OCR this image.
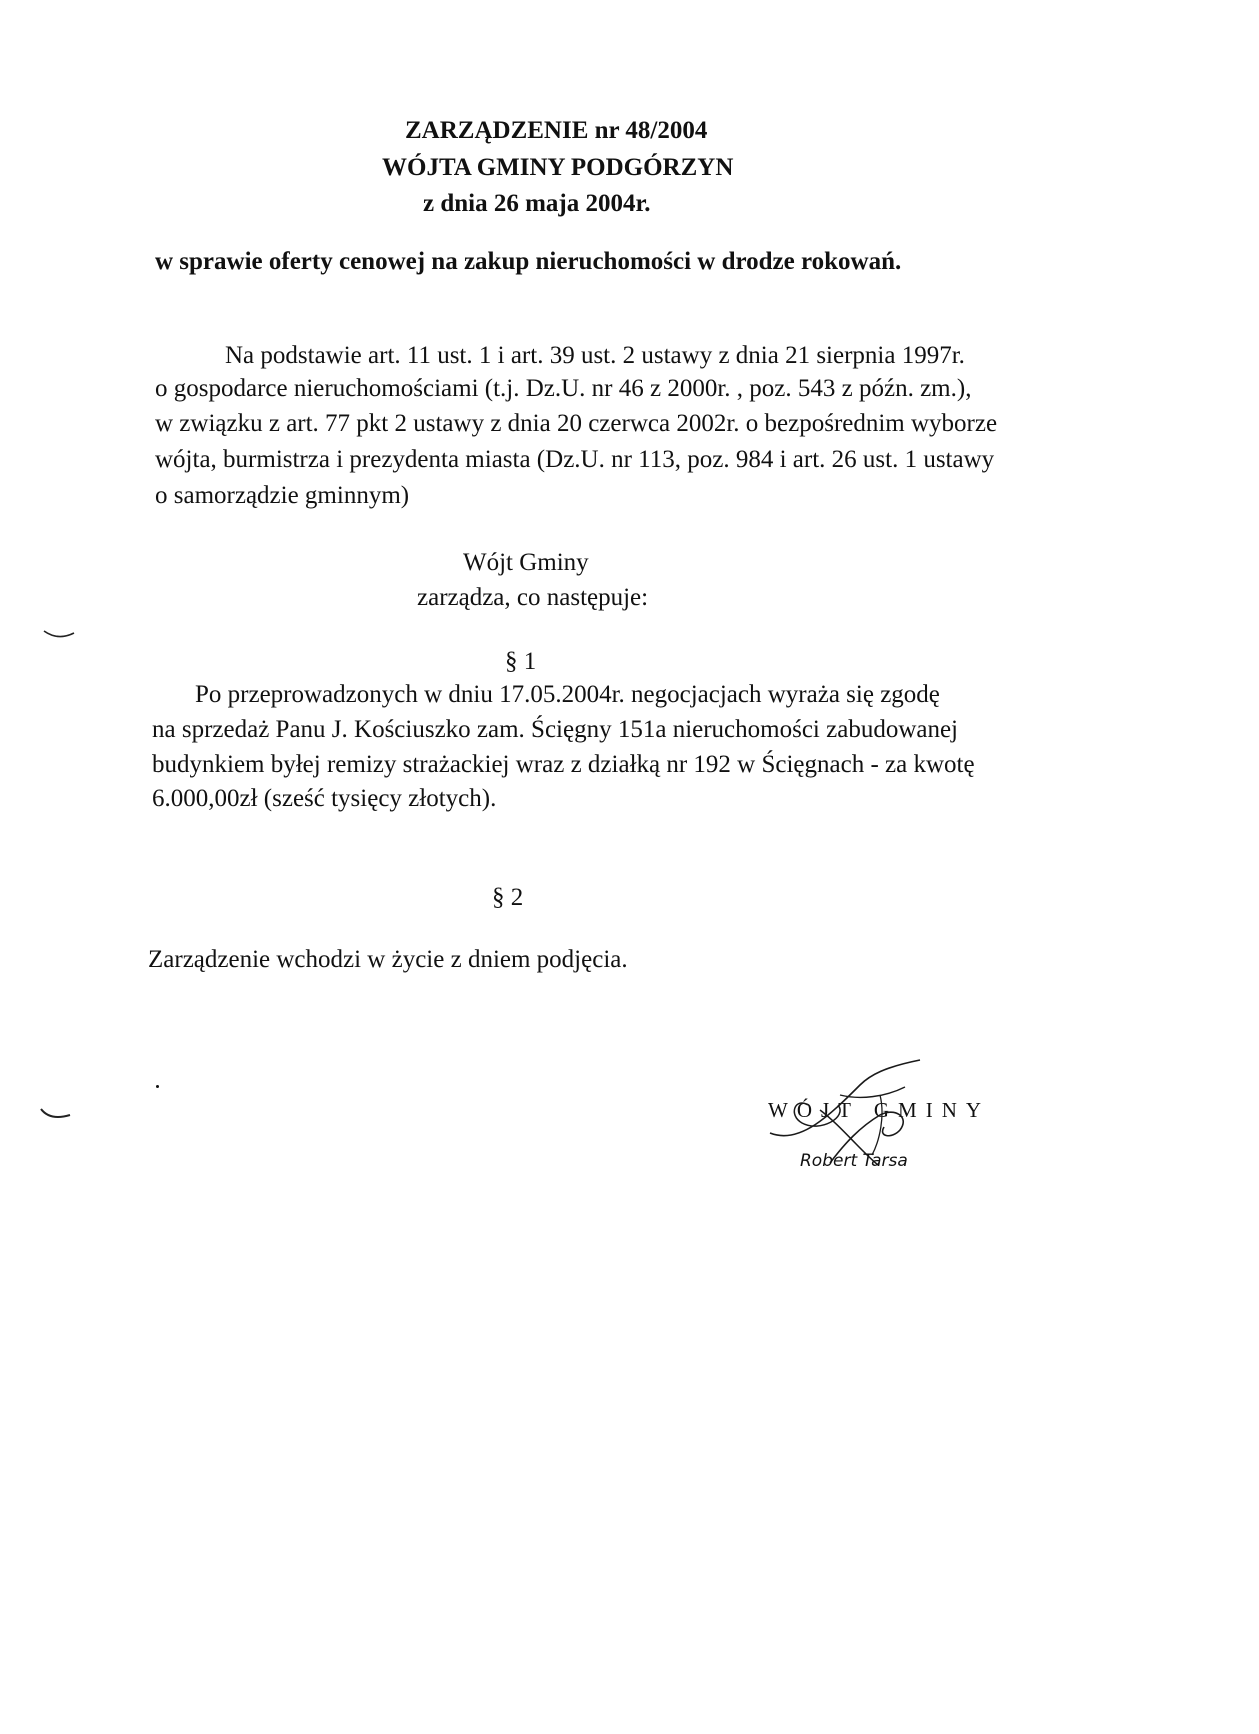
ZARZĄDZENIE nr 48/2004
WÓJTA GMINY PODGÓRZYN
z dnia 26 maja 2004r.
w sprawie oferty cenowej na zakup nieruchomości w drodze rokowań.
Na podstawie art. 11 ust. 1 i art. 39 ust. 2 ustawy z dnia 21 sierpnia 1997r.
o gospodarce nieruchomościami (t.j. Dz.U. nr 46 z 2000r. , poz. 543 z późn. zm.),
w związku z art. 77 pkt 2 ustawy z dnia 20 czerwca 2002r. o bezpośrednim wyborze
wójta, burmistrza i prezydenta miasta (Dz.U. nr 113, poz. 984 i art. 26 ust. 1 ustawy
o samorządzie gminnym)
Wójt Gminy
zarządza, co następuje:
§ 1
Po przeprowadzonych w dniu 17.05.2004r. negocjacjach wyraża się zgodę
na sprzedaż Panu J. Kościuszko zam. Ścięgny 151a nieruchomości zabudowanej
budynkiem byłej remizy strażackiej wraz z działką nr 192 w Ścięgnach - za kwotę
6.000,00zł (sześć tysięcy złotych).
§ 2
Zarządzenie wchodzi w życie z dniem podjęcia.
WÓJT GMINY
Robert Tarsa
